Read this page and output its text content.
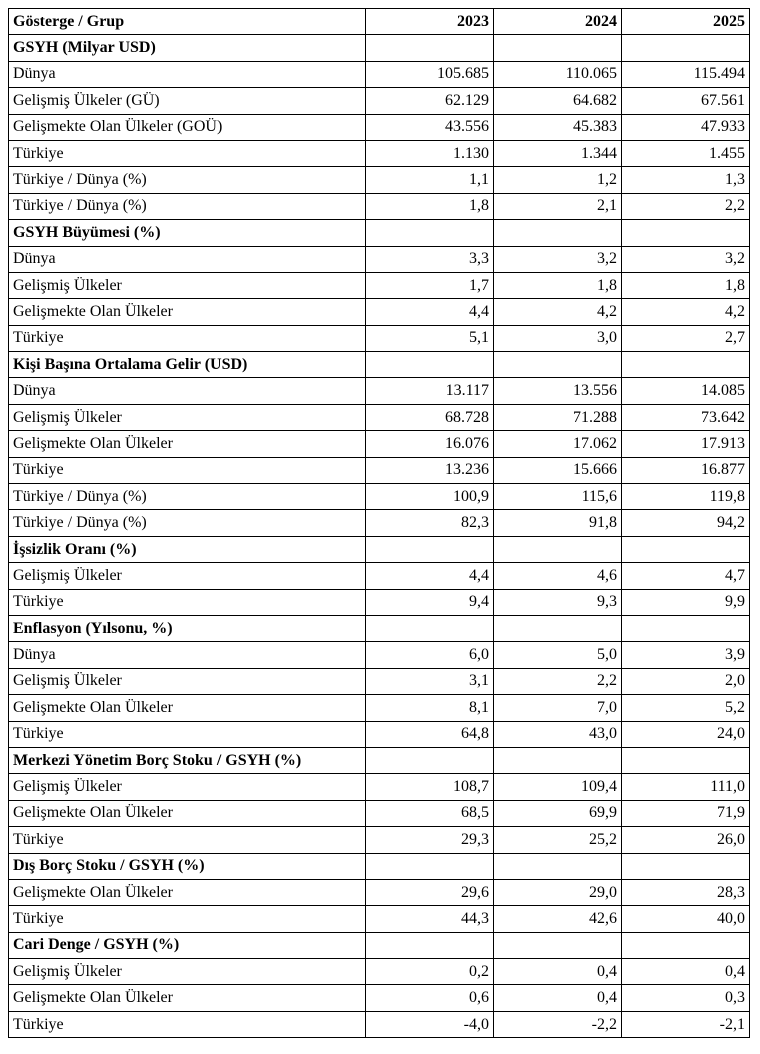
Gösterge / Grup	2023	2024	2025
GSYH (Milyar USD)			
Dünya	105.685	110.065	115.494
Gelişmiş Ülkeler (GÜ)	62.129	64.682	67.561
Gelişmekte Olan Ülkeler (GOÜ)	43.556	45.383	47.933
Türkiye	1.130	1.344	1.455
Türkiye / Dünya (%)	1,1	1,2	1,3
Türkiye / Dünya (%)	1,8	2,1	2,2
GSYH Büyümesi (%)			
Dünya	3,3	3,2	3,2
Gelişmiş Ülkeler	1,7	1,8	1,8
Gelişmekte Olan Ülkeler	4,4	4,2	4,2
Türkiye	5,1	3,0	2,7
Kişi Başına Ortalama Gelir (USD)			
Dünya	13.117	13.556	14.085
Gelişmiş Ülkeler	68.728	71.288	73.642
Gelişmekte Olan Ülkeler	16.076	17.062	17.913
Türkiye	13.236	15.666	16.877
Türkiye / Dünya (%)	100,9	115,6	119,8
Türkiye / Dünya (%)	82,3	91,8	94,2
İşsizlik Oranı (%)			
Gelişmiş Ülkeler	4,4	4,6	4,7
Türkiye	9,4	9,3	9,9
Enflasyon (Yılsonu, %)			
Dünya	6,0	5,0	3,9
Gelişmiş Ülkeler	3,1	2,2	2,0
Gelişmekte Olan Ülkeler	8,1	7,0	5,2
Türkiye	64,8	43,0	24,0
Merkezi Yönetim Borç Stoku / GSYH (%)			
Gelişmiş Ülkeler	108,7	109,4	111,0
Gelişmekte Olan Ülkeler	68,5	69,9	71,9
Türkiye	29,3	25,2	26,0
Dış Borç Stoku / GSYH (%)			
Gelişmekte Olan Ülkeler	29,6	29,0	28,3
Türkiye	44,3	42,6	40,0
Cari Denge / GSYH (%)			
Gelişmiş Ülkeler	0,2	0,4	0,4
Gelişmekte Olan Ülkeler	0,6	0,4	0,3
Türkiye	-4,0	-2,2	-2,1
